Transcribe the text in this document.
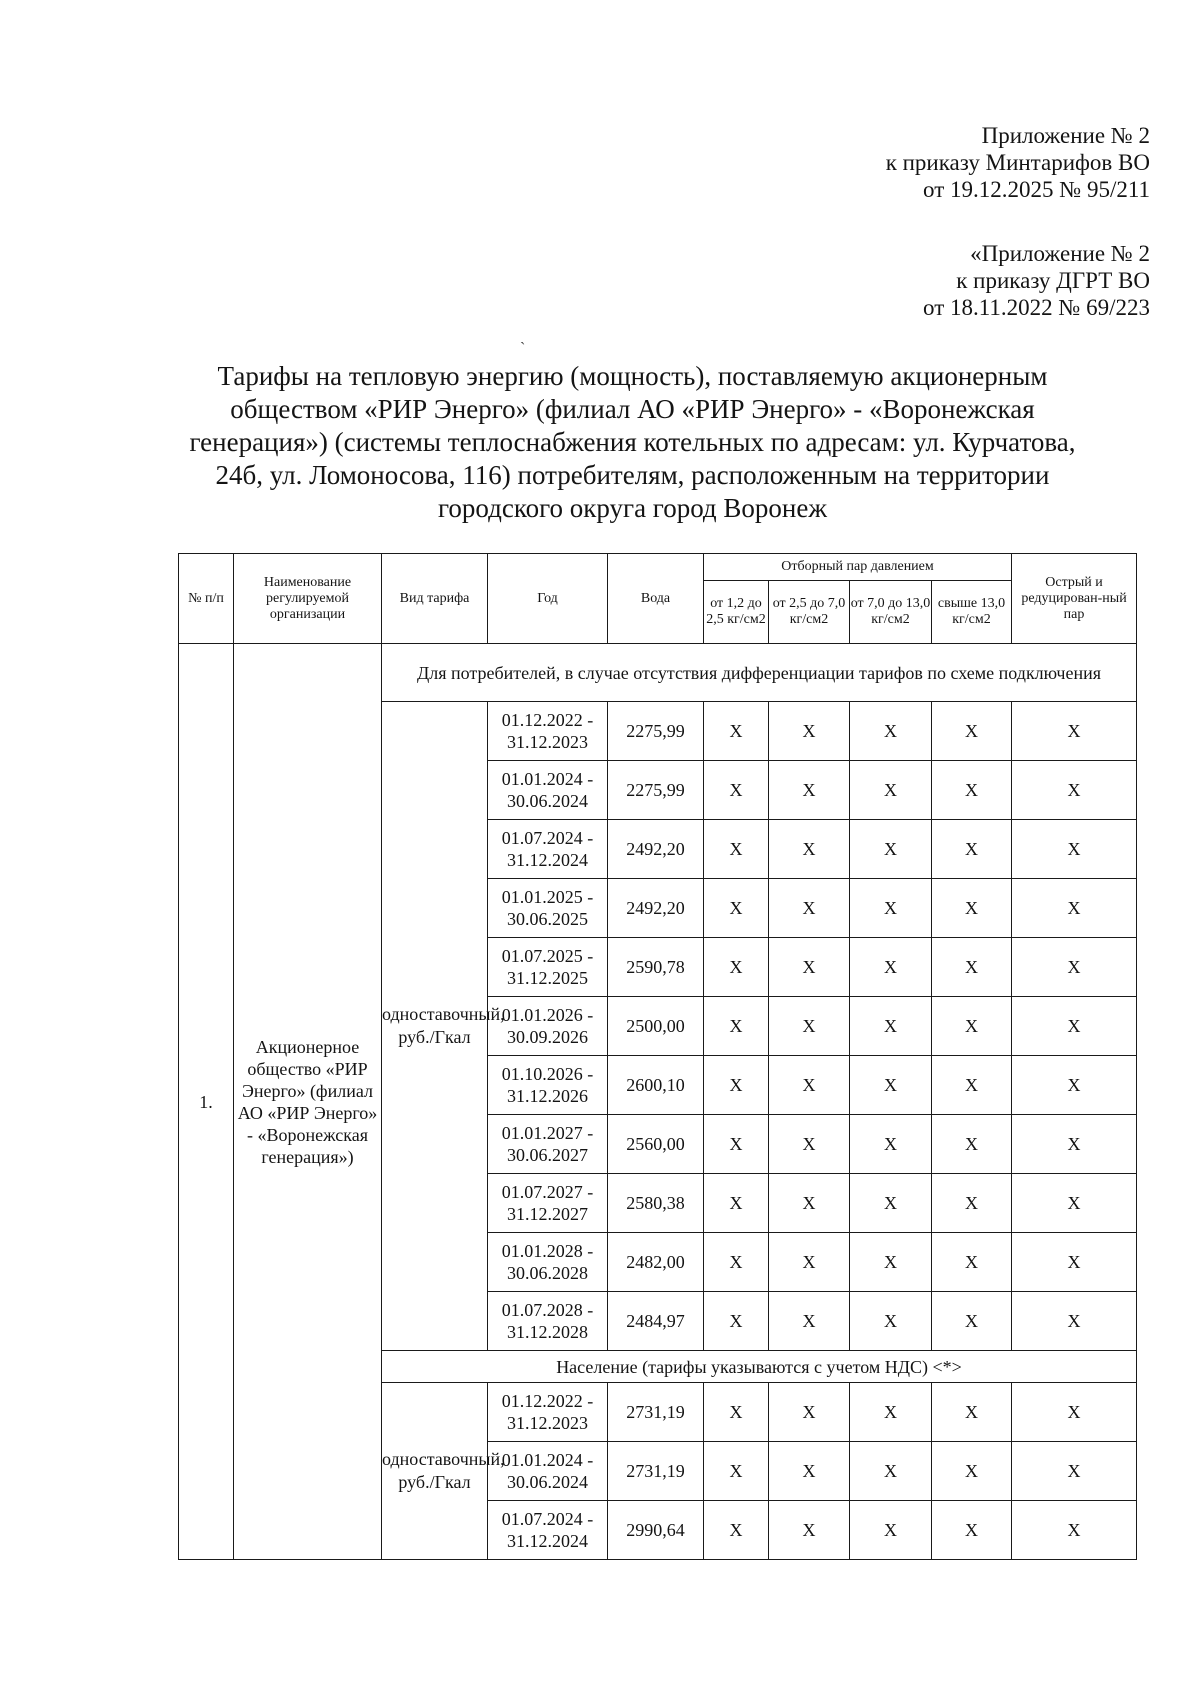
Приложение № 2
к приказу Минтарифов ВО
от 19.12.2025 № 95/211
«Приложение № 2
к приказу ДГРТ ВО
от 18.11.2022 № 69/223
ˏ
Тарифы на тепловую энергию (мощность), поставляемую акционерным
обществом «РИР Энерго» (филиал АО «РИР Энерго» - «Воронежская
генерация») (системы теплоснабжения котельных по адресам: ул. Курчатова,
24б, ул. Ломоносова, 116) потребителям, расположенным на территории
городского округа город Воронеж
№ п/п	Наименование регулируемой организации	Вид тарифа	Год	Вода	Отборный пар давлением				Острый и редуцирован-ный пар
					от 1,2 до 2,5 кг/см2	от 2,5 до 7,0 кг/см2	от 7,0 до 13,0 кг/см2	свыше 13,0 кг/см2	
1.	Акционерное общество «РИР Энерго» (филиал АО «РИР Энерго» - «Воронежская генерация»)	Для потребителей, в случае отсутствия дифференциации тарифов по схеме подключения							
		одноставочный, руб./Гкал	01.12.2022 - 31.12.2023	2275,99	Х	Х	Х	Х	Х
			01.01.2024 - 30.06.2024	2275,99	Х	Х	Х	Х	Х
			01.07.2024 - 31.12.2024	2492,20	Х	Х	Х	Х	Х
			01.01.2025 - 30.06.2025	2492,20	Х	Х	Х	Х	Х
			01.07.2025 - 31.12.2025	2590,78	Х	Х	Х	Х	Х
			01.01.2026 - 30.09.2026	2500,00	Х	Х	Х	Х	Х
			01.10.2026 - 31.12.2026	2600,10	Х	Х	Х	Х	Х
			01.01.2027 - 30.06.2027	2560,00	Х	Х	Х	Х	Х
			01.07.2027 - 31.12.2027	2580,38	Х	Х	Х	Х	Х
			01.01.2028 - 30.06.2028	2482,00	Х	Х	Х	Х	Х
			01.07.2028 - 31.12.2028	2484,97	Х	Х	Х	Х	Х
		Население (тарифы указываются с учетом НДС) <*>							
		одноставочный, руб./Гкал	01.12.2022 - 31.12.2023	2731,19	Х	Х	Х	Х	Х
			01.01.2024 - 30.06.2024	2731,19	Х	Х	Х	Х	Х
			01.07.2024 - 31.12.2024	2990,64	Х	Х	Х	Х	Х
